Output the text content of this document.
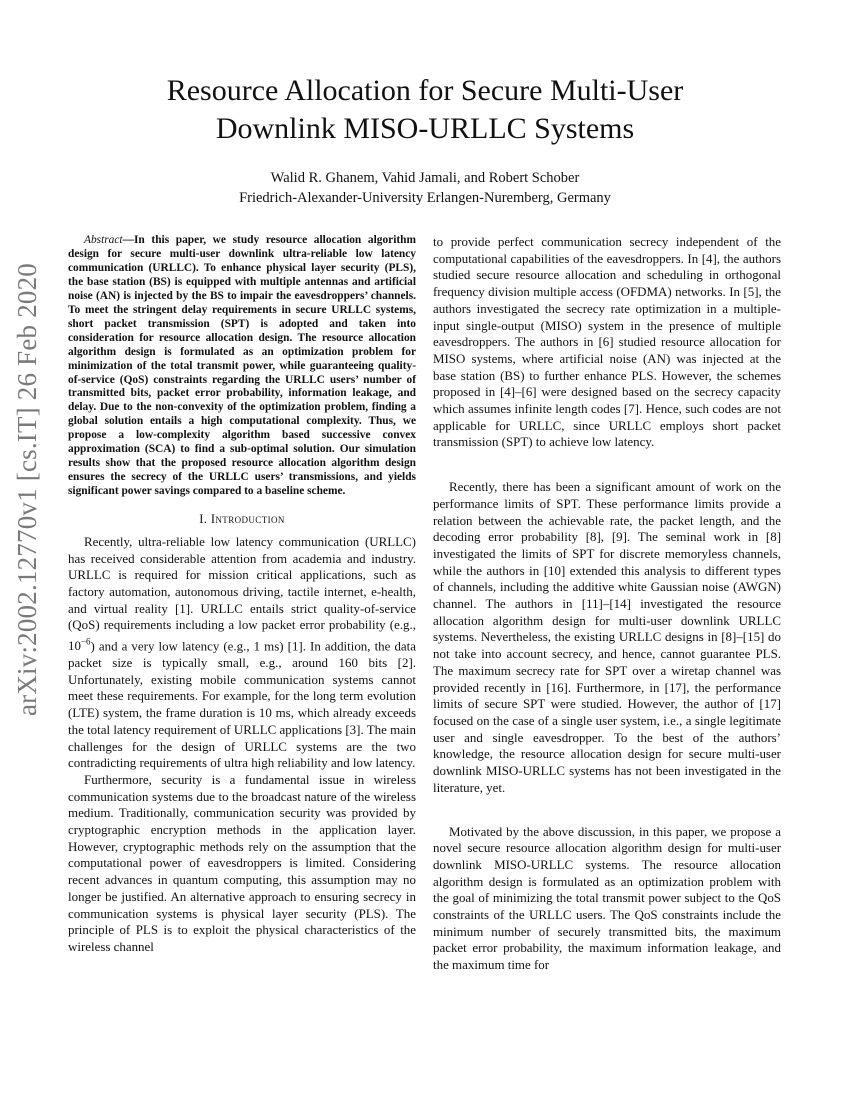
arXiv:2002.12770v1 [cs.IT] 26 Feb 2020
Resource Allocation for Secure Multi-User
Downlink MISO-URLLC Systems
Walid R. Ghanem, Vahid Jamali, and Robert Schober
Friedrich-Alexander-University Erlangen-Nuremberg, Germany

Abstract—In this paper, we study resource allocation algorithm design for secure multi-user downlink ultra-reliable low latency communication (URLLC). To enhance physical layer security (PLS), the base station (BS) is equipped with multiple antennas and artificial noise (AN) is injected by the BS to impair the eavesdroppers’ channels. To meet the stringent delay requirements in secure URLLC systems, short packet transmission (SPT) is adopted and taken into consideration for resource allocation design. The resource allocation algorithm design is formulated as an optimization problem for minimization of the total transmit power, while guaranteeing quality-of-service (QoS) constraints regarding the URLLC users’ number of transmitted bits, packet error probability, information leakage, and delay. Due to the non-convexity of the optimization problem, finding a global solution entails a high computational complexity. Thus, we propose a low-complexity algorithm based successive convex approximation (SCA) to find a sub-optimal solution. Our simulation results show that the proposed resource allocation algorithm design ensures the secrecy of the URLLC users’ transmissions, and yields significant power savings compared to a baseline scheme.

I. Introduction

Recently, ultra-reliable low latency communication (URLLC) has received considerable attention from academia and industry. URLLC is required for mission critical applications, such as factory automation, autonomous driving, tactile internet, e-health, and virtual reality [1]. URLLC entails strict quality-of-service (QoS) requirements including a low packet error probability (e.g., $10^{-6}$) and a very low latency (e.g., 1 ms) [1]. In addition, the data packet size is typically small, e.g., around 160 bits [2]. Unfortunately, existing mobile communication systems cannot meet these requirements. For example, for the long term evolution (LTE) system, the frame duration is 10 ms, which already exceeds the total latency requirement of URLLC applications [3]. The main challenges for the design of URLLC systems are the two contradicting requirements of ultra high reliability and low latency.

Furthermore, security is a fundamental issue in wireless communication systems due to the broadcast nature of the wireless medium. Traditionally, communication security was provided by cryptographic encryption methods in the application layer. However, cryptographic methods rely on the assumption that the computational power of eavesdroppers is limited. Considering recent advances in quantum computing, this assumption may no longer be justified. An alternative approach to ensuring secrecy in communication systems is physical layer security (PLS). The principle of PLS is to exploit the physical characteristics of the wireless channel

to provide perfect communication secrecy independent of the computational capabilities of the eavesdroppers. In [4], the authors studied secure resource allocation and scheduling in orthogonal frequency division multiple access (OFDMA) networks. In [5], the authors investigated the secrecy rate optimization in a multiple-input single-output (MISO) system in the presence of multiple eavesdroppers. The authors in [6] studied resource allocation for MISO systems, where artificial noise (AN) was injected at the base station (BS) to further enhance PLS. However, the schemes proposed in [4]–[6] were designed based on the secrecy capacity which assumes infinite length codes [7]. Hence, such codes are not applicable for URLLC, since URLLC employs short packet transmission (SPT) to achieve low latency.

Recently, there has been a significant amount of work on the performance limits of SPT. These performance limits provide a relation between the achievable rate, the packet length, and the decoding error probability [8], [9]. The seminal work in [8] investigated the limits of SPT for discrete memoryless channels, while the authors in [10] extended this analysis to different types of channels, including the additive white Gaussian noise (AWGN) channel. The authors in [11]–[14] investigated the resource allocation algorithm design for multi-user downlink URLLC systems. Nevertheless, the existing URLLC designs in [8]–[15] do not take into account secrecy, and hence, cannot guarantee PLS. The maximum secrecy rate for SPT over a wiretap channel was provided recently in [16]. Furthermore, in [17], the performance limits of secure SPT were studied. However, the author of [17] focused on the case of a single user system, i.e., a single legitimate user and single eavesdropper. To the best of the authors’ knowledge, the resource allocation design for secure multi-user downlink MISO-URLLC systems has not been investigated in the literature, yet.

Motivated by the above discussion, in this paper, we propose a novel secure resource allocation algorithm design for multi-user downlink MISO-URLLC systems. The resource allocation algorithm design is formulated as an optimization problem with the goal of minimizing the total transmit power subject to the QoS constraints of the URLLC users. The QoS constraints include the minimum number of securely transmitted bits, the maximum packet error probability, the maximum information leakage, and the maximum time for
